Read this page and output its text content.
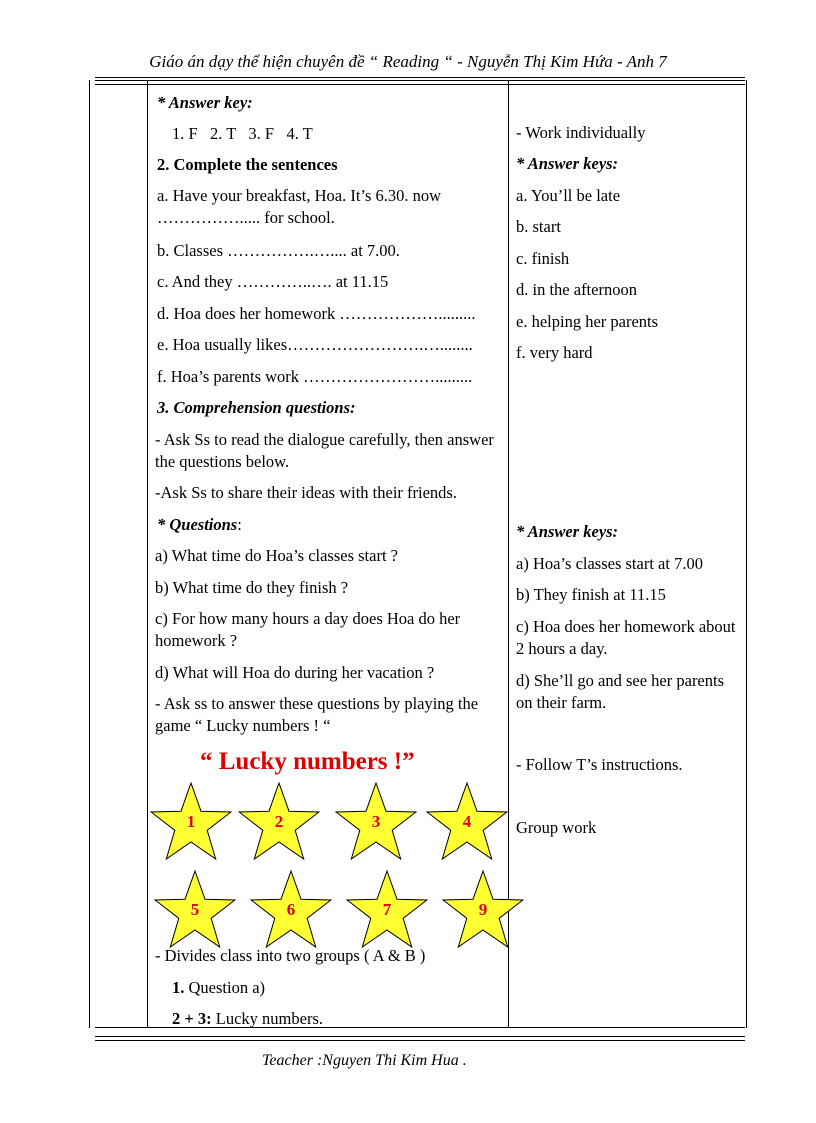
Giáo án dạy thể hiện chuyên đề “ Reading “ - Nguyễn Thị Kim Hứa - Anh 7
* Answer key:
1. F   2. T   3. F   4. T
2. Complete the sentences
a. Have your breakfast, Hoa. It’s 6.30. now ……………..... for school.
b. Classes …………….….... at 7.00.
c. And they …………..…. at 11.15
d. Hoa does her homework ……………….........
e. Hoa usually likes…………………….…........
f. Hoa’s parents work …………………….........
3. Comprehension questions:
- Ask Ss to read the dialogue carefully, then answer the questions below.
-Ask Ss to share their ideas with their friends.
* Questions:
a) What time do Hoa’s classes start ?
b) What time do they finish ?
c) For how many hours a day does Hoa do her homework ?
d) What will Hoa do during her vacation ?
- Ask ss to answer these questions by playing the game “ Lucky numbers ! “
“ Lucky numbers !”
1	2	3	4
5	6	7	9
- Divides class into two groups ( A & B )
1. Question a)
2 + 3: Lucky numbers.
- Work individually
* Answer keys:
a. You’ll be late
b. start
c. finish
d. in the afternoon
e. helping her parents
f. very hard
* Answer keys:
a) Hoa’s classes start at 7.00
b) They finish at 11.15
c) Hoa does her homework about 2 hours a day.
d) She’ll go and see her parents on their farm.
- Follow T’s instructions.
Group work
Teacher :Nguyen Thi Kim Hua .
